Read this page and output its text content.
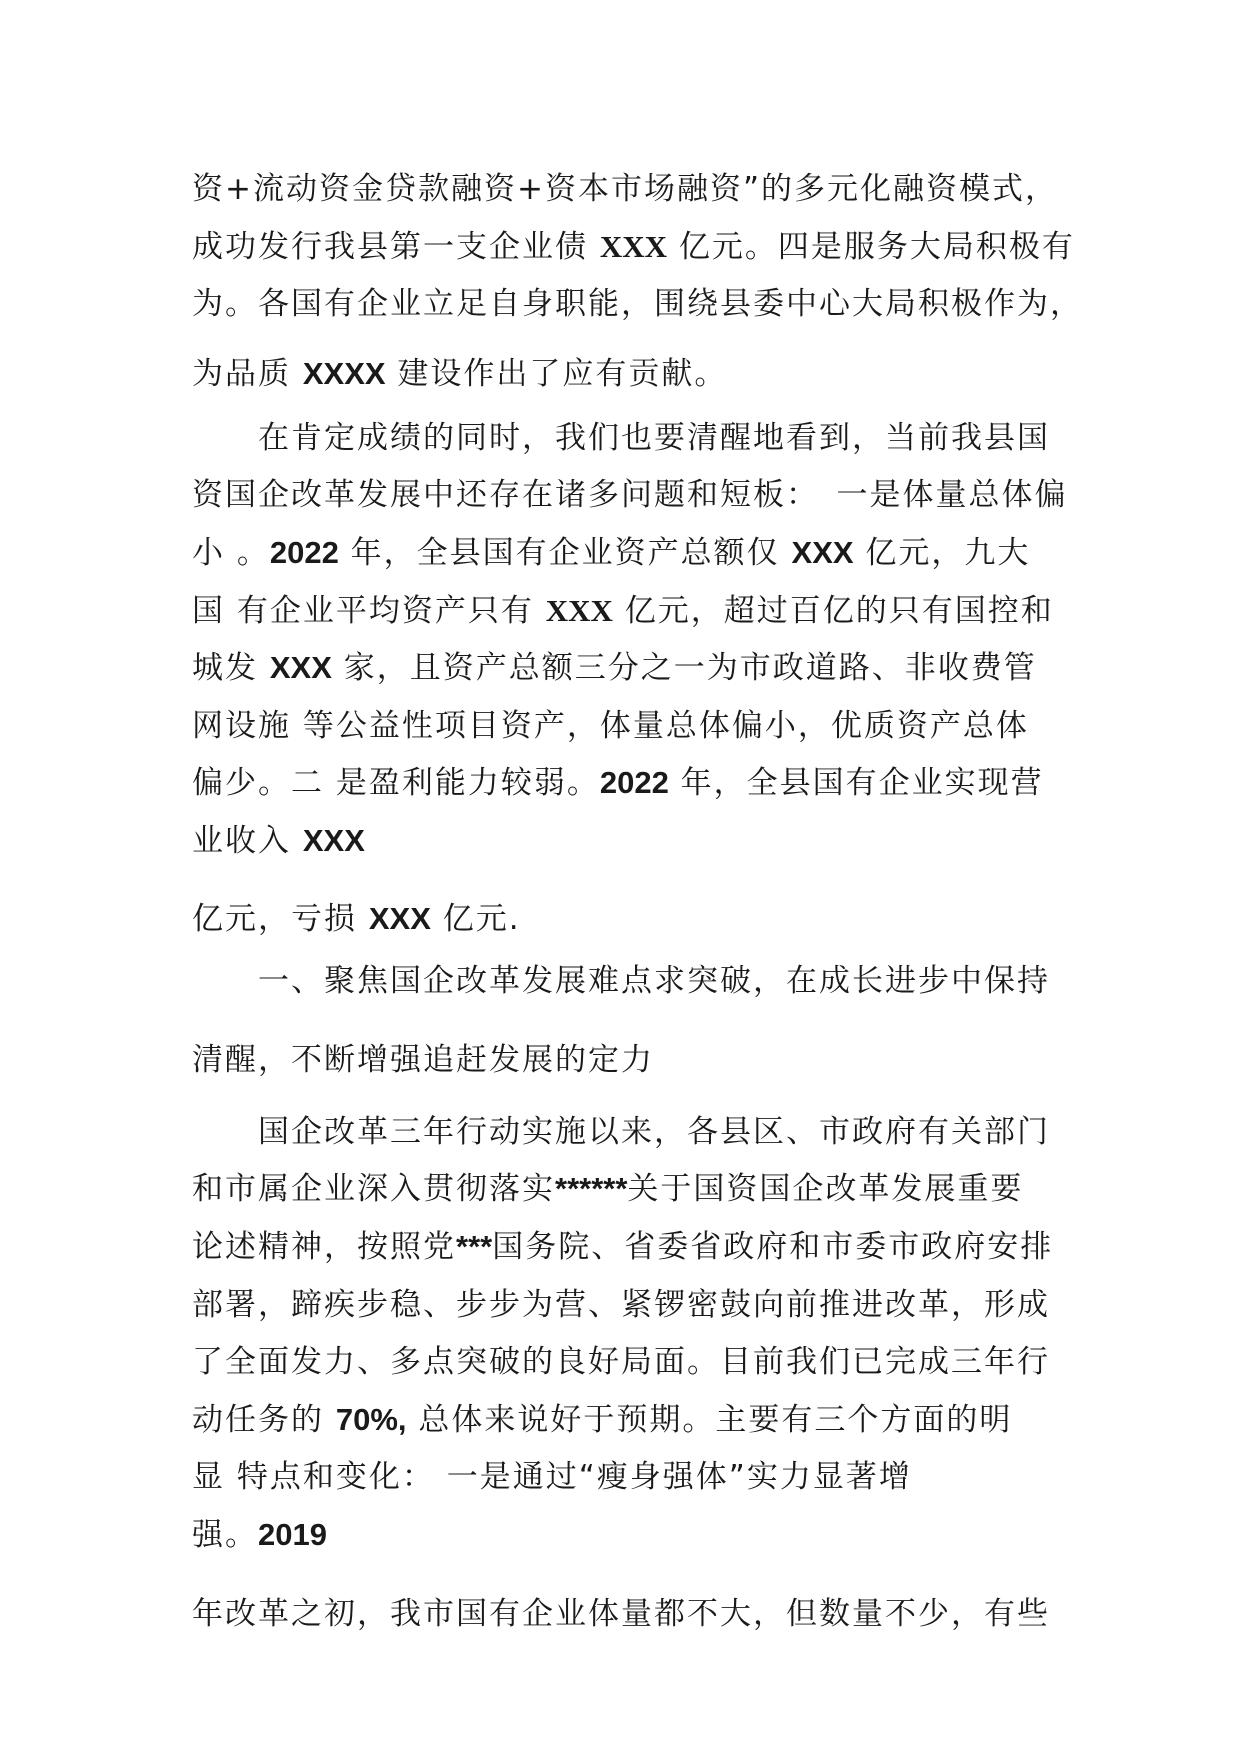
资+流动资金贷款融资+资本市场融资”的多元化融资模式，
成功发行我县第一支企业债 XXX 亿元。四是服务大局积极有
为。各国有企业立足自身职能，围绕县委中心大局积极作为，
为品质 XXXX 建设作出了应有贡献。
在肯定成绩的同时，我们也要清醒地看到，当前我县国
资国企改革发展中还存在诸多问题和短板：　一是体量总体偏
小 。2022 年，全县国有企业资产总额仅 XXX 亿元，九大
国 有企业平均资产只有 XXX 亿元，超过百亿的只有国控和
城发 XXX 家，且资产总额三分之一为市政道路、非收费管
网设施 等公益性项目资产，体量总体偏小，优质资产总体
偏少。二 是盈利能力较弱。2022 年，全县国有企业实现营
业收入 XXX
亿元，亏损 XXX 亿元.
一、聚焦国企改革发展难点求突破，在成长进步中保持
清醒，不断增强追赶发展的定力
国企改革三年行动实施以来，各县区、市政府有关部门
和市属企业深入贯彻落实******关于国资国企改革发展重要
论述精神，按照党***国务院、省委省政府和市委市政府安排
部署，蹄疾步稳、步步为营、紧锣密鼓向前推进改革，形成
了全面发力、多点突破的良好局面。目前我们已完成三年行
动任务的 70%, 总体来说好于预期。主要有三个方面的明
显 特点和变化： 一是通过“瘦身强体”实力显著增
强。2019
年改革之初，我市国有企业体量都不大，但数量不少，有些
